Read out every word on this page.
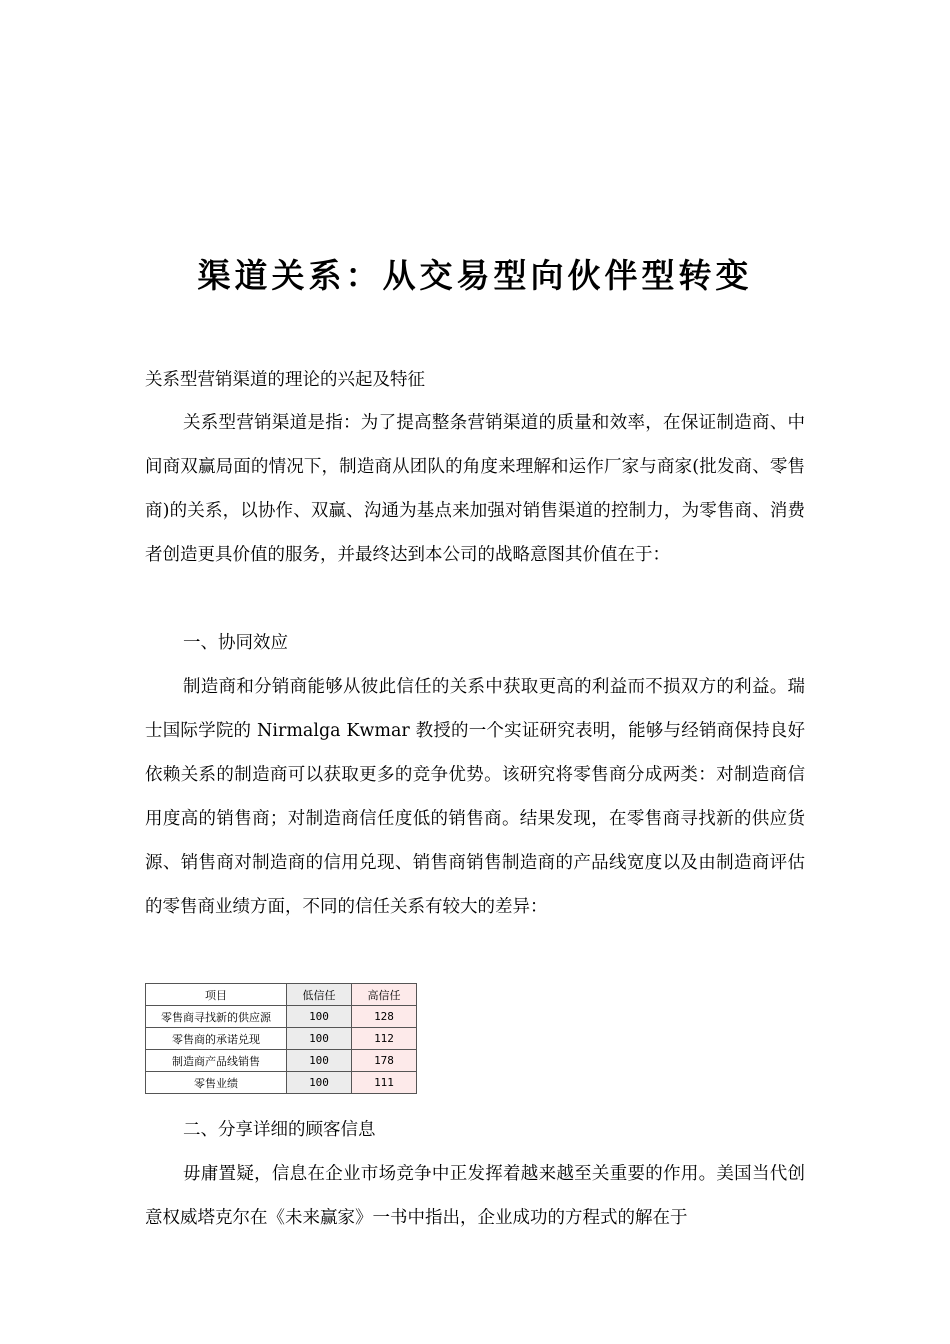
渠道关系：从交易型向伙伴型转变
关系型营销渠道的理论的兴起及特征

关系型营销渠道是指：为了提高整条营销渠道的质量和效率，在保证制造商、中间商双赢局面的情况下，制造商从团队的角度来理解和运作厂家与商家(批发商、零售商)的关系，以协作、双赢、沟通为基点来加强对销售渠道的控制力，为零售商、消费者创造更具价值的服务，并最终达到本公司的战略意图其价值在于：

一、协同效应

制造商和分销商能够从彼此信任的关系中获取更高的利益而不损双方的利益。瑞士国际学院的 Nirmalga Kwmar 教授的一个实证研究表明，能够与经销商保持良好依赖关系的制造商可以获取更多的竞争优势。该研究将零售商分成两类：对制造商信用度高的销售商；对制造商信任度低的销售商。结果发现，在零售商寻找新的供应货源、销售商对制造商的信用兑现、销售商销售制造商的产品线宽度以及由制造商评估的零售商业绩方面，不同的信任关系有较大的差异：

项目	低信任	高信任
零售商寻找新的供应源	100	128
零售商的承诺兑现	100	112
制造商产品线销售	100	178
零售业绩	100	111

二、分享详细的顾客信息

毋庸置疑，信息在企业市场竞争中正发挥着越来越至关重要的作用。美国当代创意权威塔克尔在《未来赢家》一书中指出，企业成功的方程式的解在于
